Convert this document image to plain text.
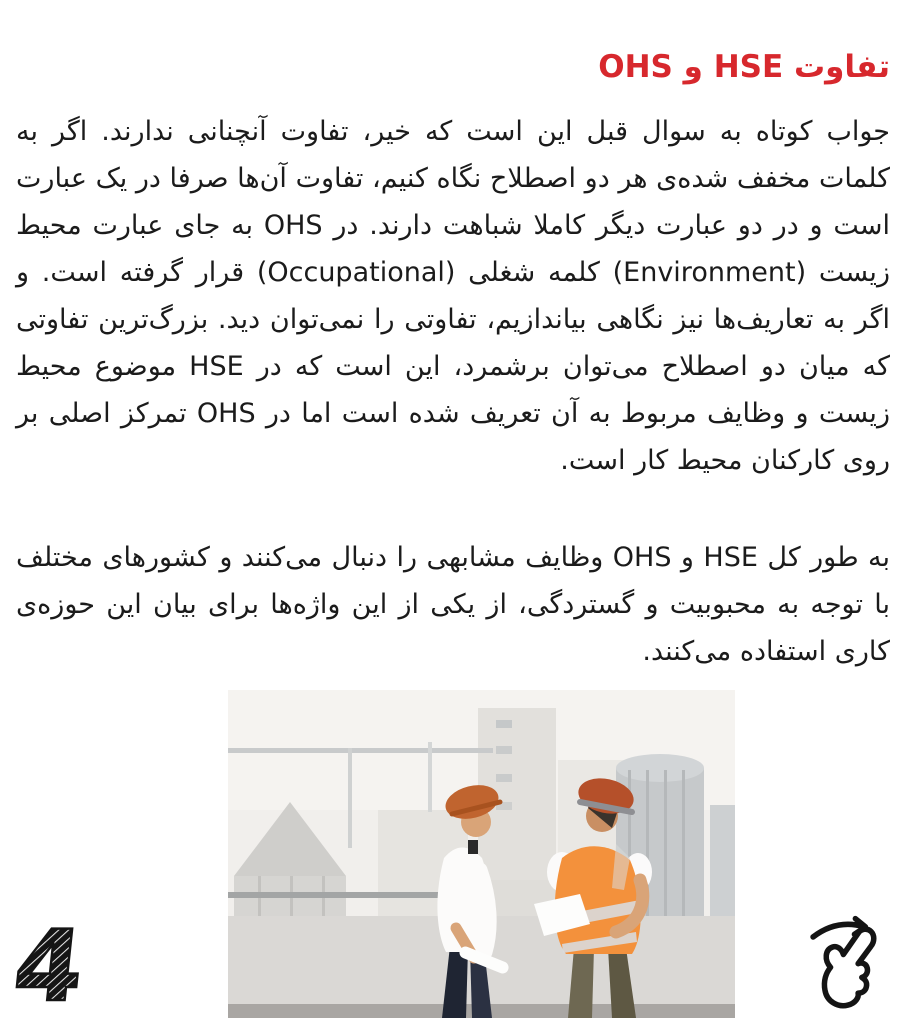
تفاوت HSE و OHS

جواب کوتاه به سوال قبل این است که خیر، تفاوت آنچنانی ندارند. اگر به کلمات مخفف شده‌ی هر دو اصطلاح نگاه کنیم، تفاوت آن‌ها صرفا در یک عبارت است و در دو عبارت دیگر کاملا شباهت دارند. در OHS به جای عبارت محیط زیست (Environment) کلمه شغلی (Occupational) قرار گرفته است. و اگر به تعاریف‌ها نیز نگاهی بیاندازیم، تفاوتی را نمی‌توان دید. بزرگ‌ترین تفاوتی که میان دو اصطلاح می‌توان برشمرد، این است که در HSE موضوع محیط زیست و وظایف مربوط به آن تعریف شده است اما در OHS تمرکز اصلی بر روی کارکنان محیط کار است.

به طور کل HSE و OHS وظایف مشابهی را دنبال می‌کنند و کشورهای مختلف با توجه به محبوبیت و گستردگی، از یکی از این واژه‌ها برای بیان این حوزه‌ی کاری استفاده می‌کنند.

4
